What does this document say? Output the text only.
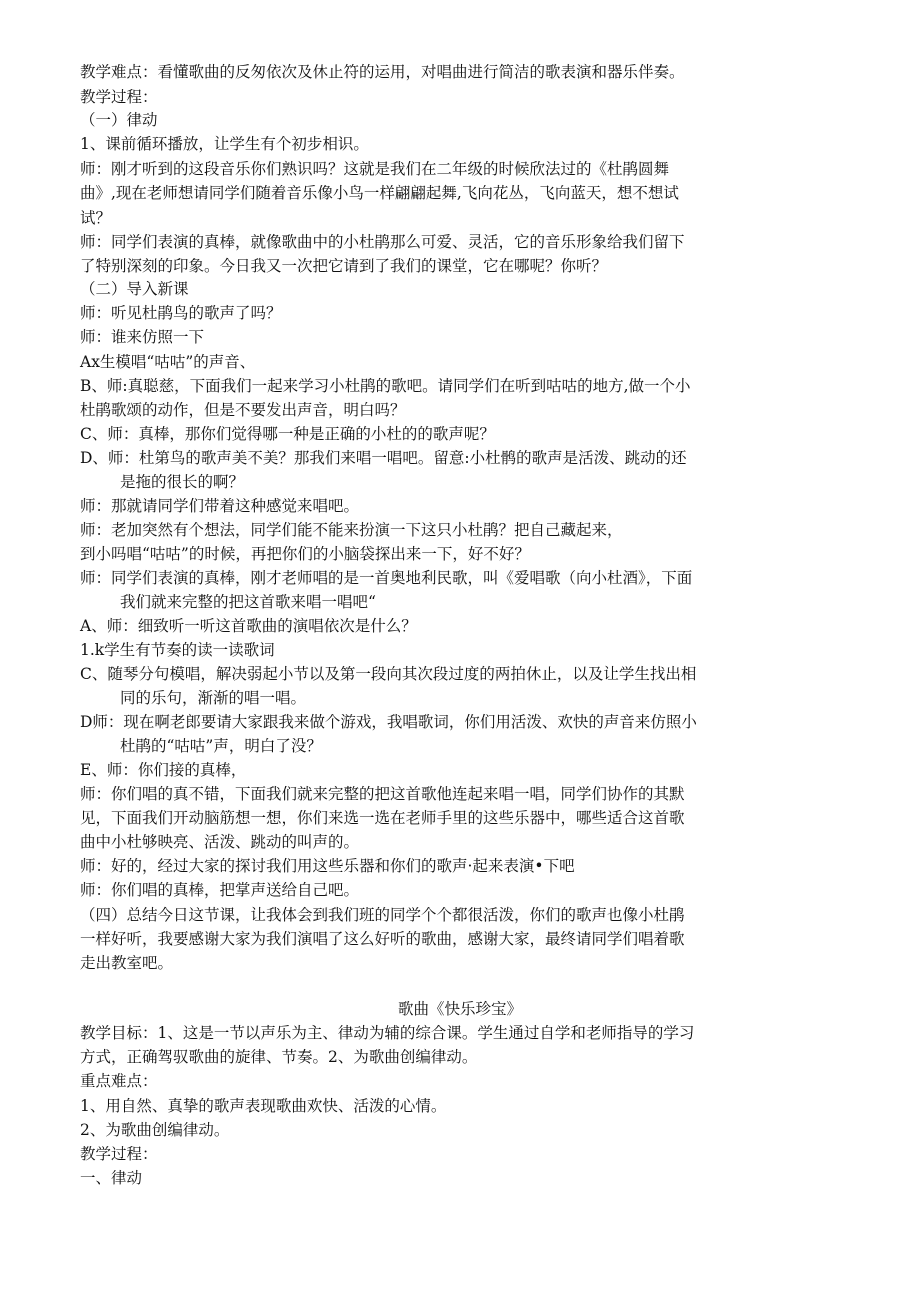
教学难点：看懂歌曲的反匆依次及休止符的运用，对唱曲进行简洁的歌表演和器乐伴奏。
教学过程：
（一）律动
1、课前循环播放，让学生有个初步相识。
师：刚才听到的这段音乐你们熟识吗？这就是我们在二年级的时候欣法过的《杜鹃圆舞
曲》,现在老师想请同学们随着音乐像小鸟一样翩翩起舞,飞向花丛，飞向蓝天，想不想试
试？
师：同学们表演的真棒，就像歌曲中的小杜鹃那么可爱、灵活，它的音乐形象给我们留下
了特别深刻的印象。今日我又一次把它请到了我们的课堂，它在哪呢？你听？
（二）导入新课
师：听见杜鹃鸟的歌声了吗？
师：谁来仿照一下
Ax生模唱“咕咕”的声音、
B、师:真聪慈，下面我们一起来学习小杜鹃的歌吧。请同学们在听到咕咕的地方,做一个小
杜鹃歌颂的动作，但是不要发出声音，明白吗？
C、师：真棒，那你们觉得哪一种是正确的小杜的的歌声呢？
D、师：杜第鸟的歌声美不美？那我们来唱一唱吧。留意:小杜鹘的歌声是活泼、跳动的还
是拖的很长的啊？
师：那就请同学们带着这种感觉来唱吧。
师：老加突然有个想法，同学们能不能来扮演一下这只小杜鹃？把自己藏起来，
到小吗唱“咕咕”的时候，再把你们的小脑袋探出来一下，好不好？
师：同学们表演的真棒，刚才老师唱的是一首奥地利民歌，叫《爱唱歌（向小杜酒》，下面
我们就来完整的把这首歌来唱一唱吧“
A、师：细致听一听这首歌曲的演唱依次是什么？
1.k学生有节奏的读一读歌词
C、随琴分句模唱，解决弱起小节以及第一段向其次段过度的两拍休止，以及让学生找出相
同的乐句，渐渐的唱一唱。
D师：现在啊老郎要请大家跟我来做个游戏，我唱歌词，你们用活泼、欢快的声音来仿照小
杜鹃的“咕咕”声，明白了没？
E、师：你们接的真棒，
师：你们唱的真不错，下面我们就来完整的把这首歌他连起来唱一唱，同学们协作的其默
见，下面我们开动脑筋想一想，你们来选一选在老师手里的这些乐器中，哪些适合这首歌
曲中小杜够映亮、活泼、跳动的叫声的。
师：好的，经过大家的探讨我们用这些乐器和你们的歌声·起来表演•下吧
师：你们唱的真棒，把掌声送给自己吧。
（四）总结今日这节课，让我体会到我们班的同学个个都很活泼，你们的歌声也像小杜鹃
一样好听，我要感谢大家为我们演唱了这么好听的歌曲，感谢大家，最终请同学们唱着歌
走出教室吧。
歌曲《快乐珍宝》
教学目标：1、这是一节以声乐为主、律动为辅的综合课。学生通过自学和老师指导的学习
方式，正确驾驭歌曲的旋律、节奏。2、为歌曲创编律动。
重点难点：
1、用自然、真挚的歌声表现歌曲欢快、活泼的心情。
2、为歌曲创编律动。
教学过程：
一、律动
